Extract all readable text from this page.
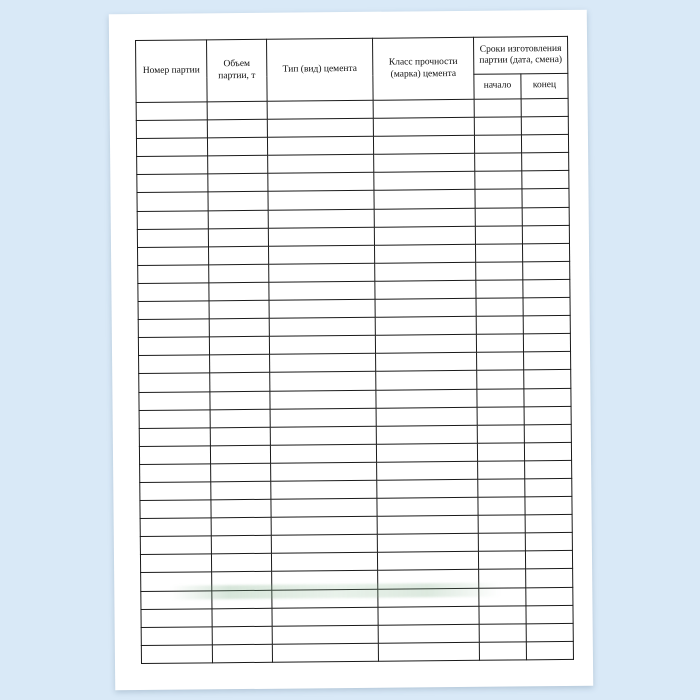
Номер партии	Объем партии, т	Тип (вид) цемента	Класс прочности (марка) цемента	Сроки изготовления партии (дата, смена)	
				начало	конец
